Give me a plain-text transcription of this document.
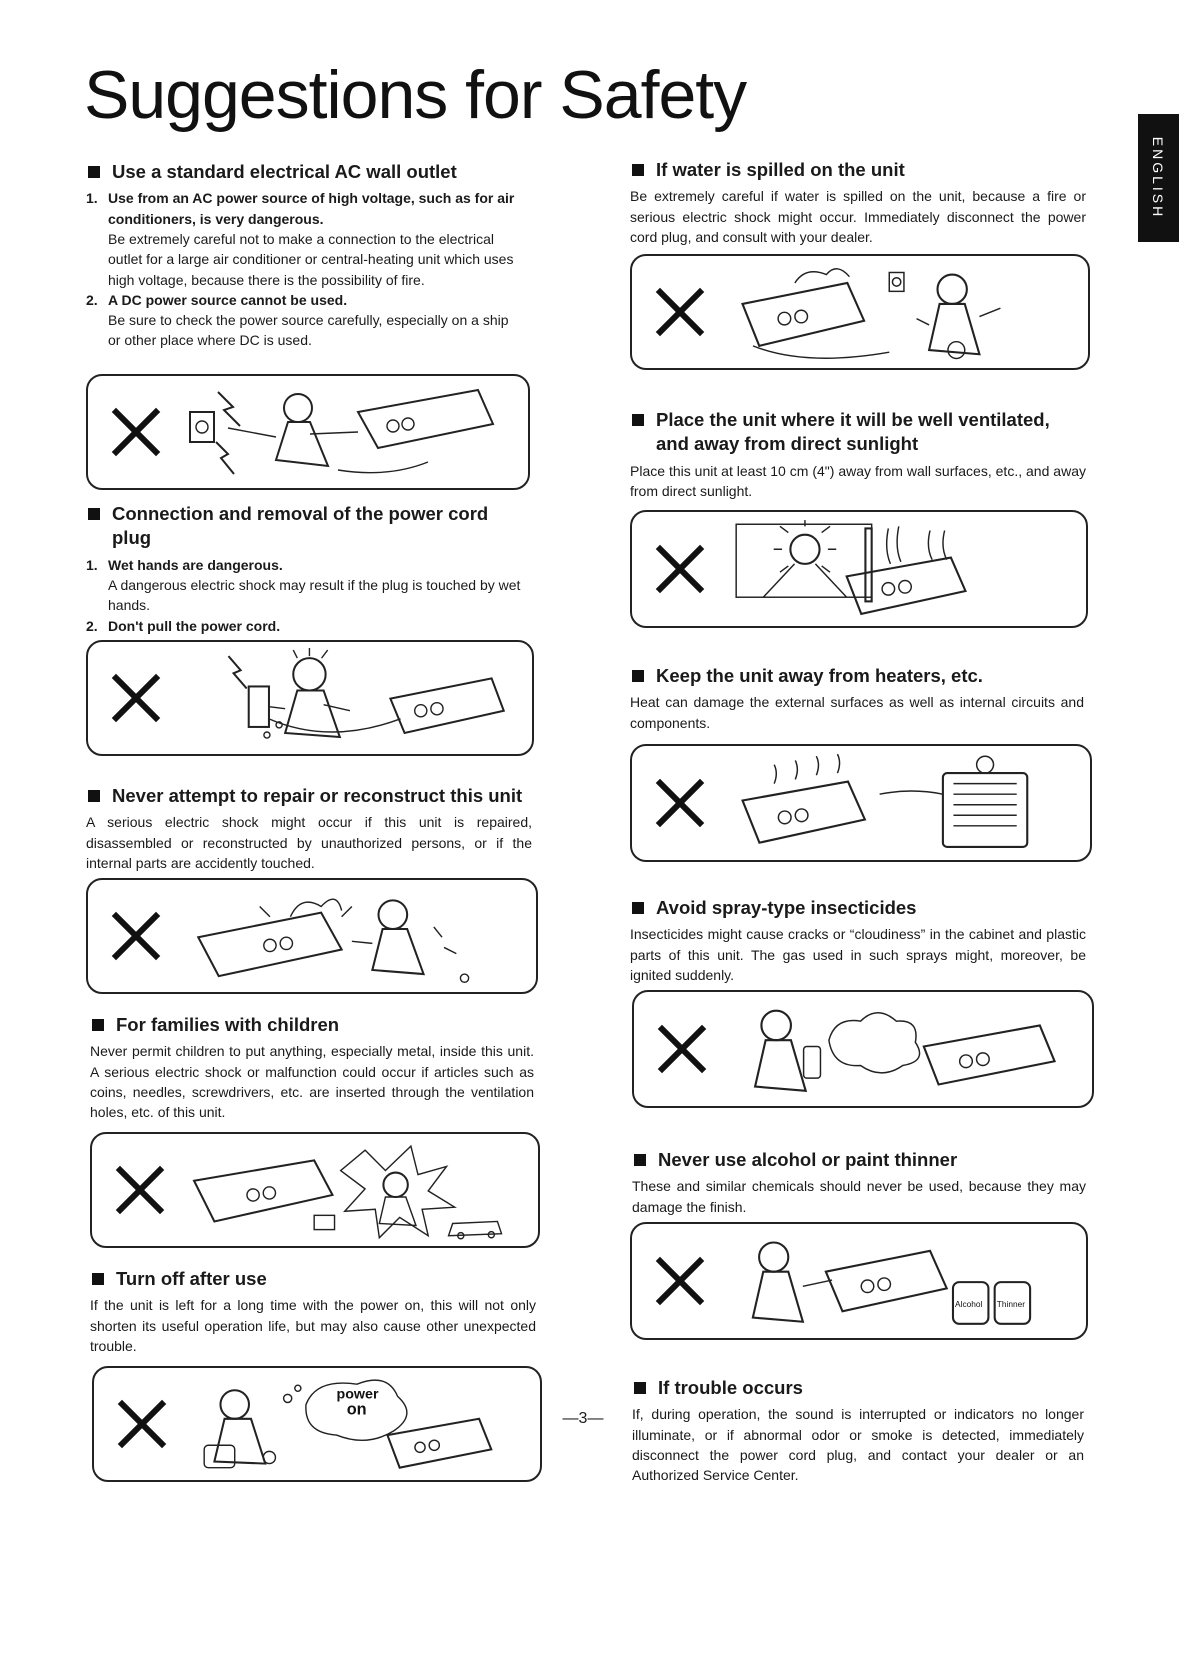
Suggestions for Safety
ENGLISH
Use a standard electrical AC wall outlet
1. Use from an AC power source of high voltage, such as for air conditioners, is very dangerous.
Be extremely careful not to make a connection to the electrical outlet for a large air conditioner or central-heating unit which uses high voltage, because there is the possibility of fire.
2. A DC power source cannot be used.
Be sure to check the power source carefully, especially on a ship or other place where DC is used.
Connection and removal of the power cord plug
1. Wet hands are dangerous.
A dangerous electric shock may result if the plug is touched by wet hands.
2. Don't pull the power cord.
Never attempt to repair or reconstruct this unit

A serious electric shock might occur if this unit is repaired, disassembled or reconstructed by unauthorized persons, or if the internal parts are accidently touched.

For families with children

Never permit children to put anything, especially metal, inside this unit. A serious electric shock or malfunction could occur if articles such as coins, needles, screwdrivers, etc. are inserted through the ventilation holes, etc. of this unit.

Turn off after use

If the unit is left for a long time with the power on, this will not only shorten its useful operation life, but may also cause other unexpected trouble.

power
on
If water is spilled on the unit

Be extremely careful if water is spilled on the unit, because a fire or serious electric shock might occur. Immediately disconnect the power cord plug, and consult with your dealer.

Place the unit where it will be well ventilated, and away from direct sunlight

Place this unit at least 10 cm (4") away from wall surfaces, etc., and away from direct sunlight.

Keep the unit away from heaters, etc.

Heat can damage the external surfaces as well as internal circuits and components.

Avoid spray-type insecticides

Insecticides might cause cracks or “cloudiness” in the cabinet and plastic parts of this unit. The gas used in such sprays might, moreover, be ignited suddenly.

Never use alcohol or paint thinner

These and similar chemicals should never be used, because they may damage the finish.

Alcohol Thinner
If trouble occurs

If, during operation, the sound is interrupted or indicators no longer illuminate, or if abnormal odor or smoke is detected, immediately disconnect the power cord plug, and contact your dealer or an Authorized Service Center.

—3—
